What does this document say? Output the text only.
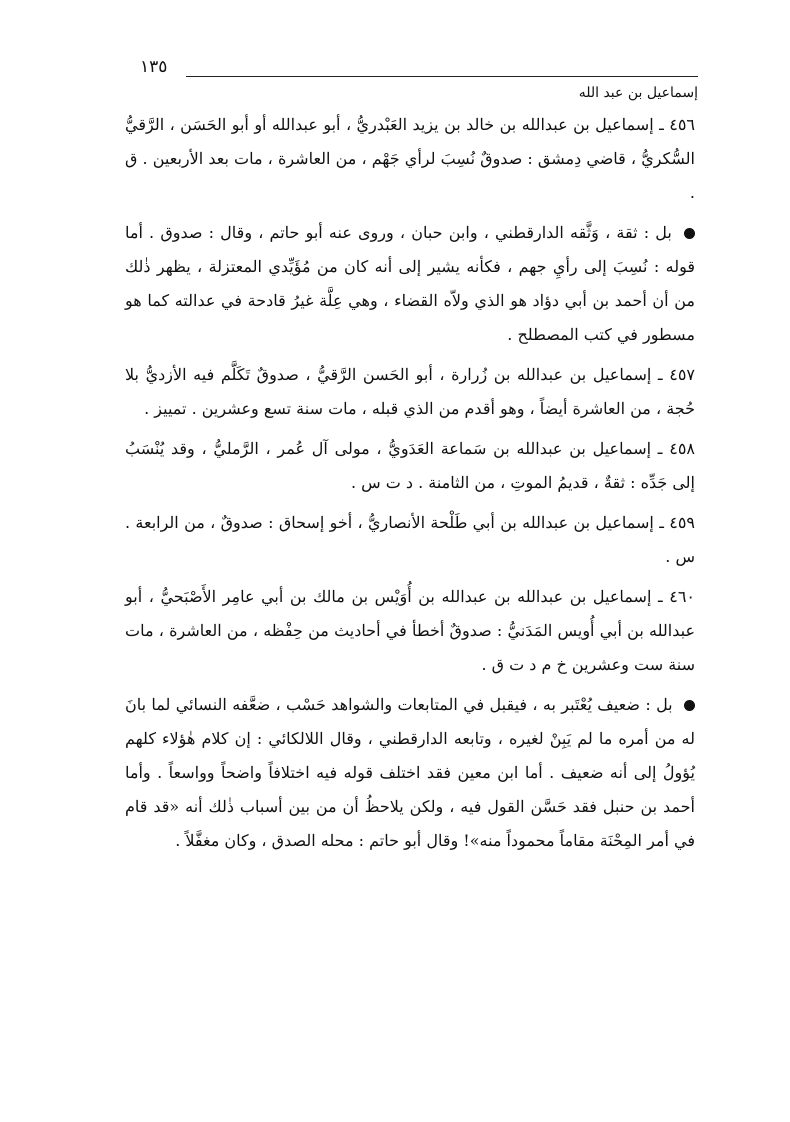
١٣٥
إسماعيل بن عبد الله

٤٥٦ ـ إسماعيل بن عبدالله بن خالد بن يزيد العَبْدريُّ ، أبو عبدالله أو أبو الحَسَن ، الرَّقيُّ السُّكريُّ ، قاضي دِمشق : صدوقٌ نُسِبَ لرأي جَهْم ، من العاشرة ، مات بعد الأربعين . ق .

بل : ثقة ، وَثَّقه الدارقطني ، وابن حبان ، وروى عنه أبو حاتم ، وقال : صدوق . أما قوله : نُسِبَ إلى رأيِ جهم ، فكأنه يشير إلى أنه كان من مُؤَيِّدي المعتزلة ، يظهر ذٰلك من أن أحمد بن أبي دؤاد هو الذي ولاّه القضاء ، وهي عِلَّة غيرُ قادحة في عدالته كما هو مسطور في كتب المصطلح .

٤٥٧ ـ إسماعيل بن عبدالله بن زُرارة ، أبو الحَسن الرَّقيُّ ، صدوقٌ تَكَلَّم فيه الأزديُّ بلا حُجة ، من العاشرة أيضاً ، وهو أقدم من الذي قبله ، مات سنة تسع وعشرين . تمييز .

٤٥٨ ـ إسماعيل بن عبدالله بن سَماعة العَدَويُّ ، مولى آل عُمر ، الرَّمليُّ ، وقد يُنْسَبُ إلى جَدِّه : ثقةٌ ، قديمُ الموتِ ، من الثامنة . د ت س .

٤٥٩ ـ إسماعيل بن عبدالله بن أبي طَلْحة الأنصاريُّ ، أخو إسحاق : صدوقٌ ، من الرابعة . س .

٤٦٠ ـ إسماعيل بن عبدالله بن عبدالله بن أُوَيْس بن مالك بن أبي عامِر الأَصْبَحيُّ ، أبو عبدالله بن أبي أُويس المَدَنيُّ : صدوقٌ أخطأ في أحاديث من حِفْظه ، من العاشرة ، مات سنة ست وعشرين خ م د ت ق .

بل : ضعيف يُعْتَبر به ، فيقبل في المتابعات والشواهد حَسْب ، ضعَّفه النسائي لما بانَ له من أمره ما لم يَبِنْ لغيره ، وتابعه الدارقطني ، وقال اللالكائي : إن كلام هٰؤلاء كلهم يُؤولُ إلى أنه ضعيف . أما ابن معين فقد اختلف قوله فيه اختلافاً واضحاً وواسعاً . وأما أحمد بن حنبل فقد حَسَّن القول فيه ، ولكن يلاحظُ أن من بين أسباب ذٰلك أنه «قد قام في أمر المِحْنَة مقاماً محموداً منه»! وقال أبو حاتم : محله الصدق ، وكان مغفَّلاً .
